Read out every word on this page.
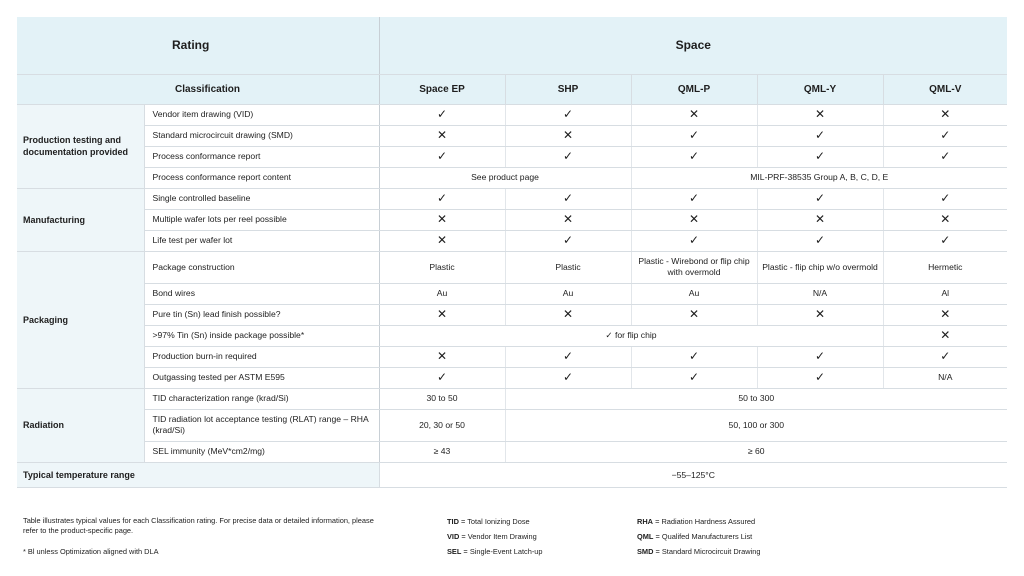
Rating		Space				
Classification		Space EP	SHP	QML-P	QML-Y	QML-V
Production testing and documentation provided	Vendor item drawing (VID)	✓	✓	✕	✕	✕
	Standard microcircuit drawing (SMD)	✕	✕	✓	✓	✓
	Process conformance report	✓	✓	✓	✓	✓
	Process conformance report content	See product page		MIL-PRF-38535 Group A, B, C, D, E		
Manufacturing	Single controlled baseline	✓	✓	✓	✓	✓
	Multiple wafer lots per reel possible	✕	✕	✕	✕	✕
	Life test per wafer lot	✕	✓	✓	✓	✓
Packaging	Package construction	Plastic	Plastic	Plastic - Wirebond or flip chip with overmold	Plastic - flip chip w/o overmold	Hermetic
	Bond wires	Au	Au	Au	N/A	Al
	Pure tin (Sn) lead finish possible?	✕	✕	✕	✕	✕
	>97% Tin (Sn) inside package possible*	✓ for flip chip				✕
	Production burn-in required	✕	✓	✓	✓	✓
	Outgassing tested per ASTM E595	✓	✓	✓	✓	N/A
Radiation	TID characterization range (krad/Si)	30 to 50	50 to 300			
	TID radiation lot acceptance testing (RLAT) range – RHA (krad/Si)	20, 30 or 50	50, 100 or 300			
	SEL immunity (MeV*cm2/mg)	≥ 43	≥ 60			
Typical temperature range		−55–125°C				
Table illustrates typical values for each Classification rating. For precise data or detailed information, please refer to the product-specific page.
* Bl unless Optimization aligned with DLA
TID = Total Ionizing Dose
VID = Vendor Item Drawing
SEL = Single-Event Latch-up
RHA = Radiation Hardness Assured
QML = Qualifed Manufacturers List
SMD = Standard Microcircuit Drawing
